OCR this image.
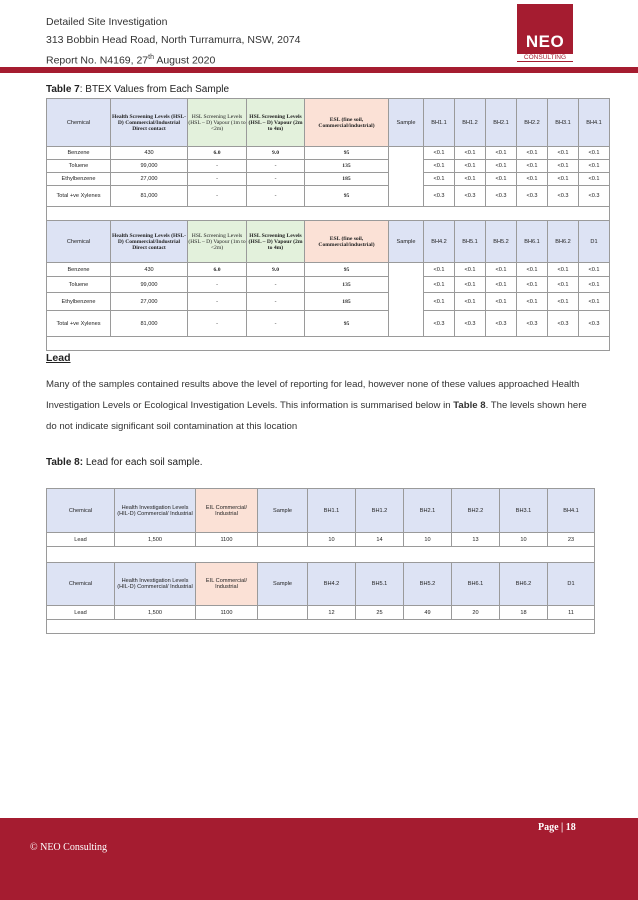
Detailed Site Investigation
313 Bobbin Head Road, North Turramurra, NSW, 2074
Report No. N4169, 27th August 2020
NEO
CONSULTING
Table 7: BTEX Values from Each Sample
Chemical	Health Screening Levels (HSL-D) Commercial/Industrial Direct contact	HSL Screening Levels (HSL – D) Vapour (1m to <2m)	HSL Screening Levels (HSL – D) Vapour (2m to 4m)	ESL (fine soil, Commercial/industrial)	Sample	BH1.1	BH1.2	BH2.1	BH2.2	BH3.1	BH4.1
Benzene	430	6.0	9.0	95		<0.1	<0.1	<0.1	<0.1	<0.1	<0.1
Toluene	99,000	-	-	135		<0.1	<0.1	<0.1	<0.1	<0.1	<0.1
Ethylbenzene	27,000	-	-	185		<0.1	<0.1	<0.1	<0.1	<0.1	<0.1
Total +ve Xylenes	81,000	-	-	95		<0.3	<0.3	<0.3	<0.3	<0.3	<0.3

Chemical	Health Screening Levels (HSL-D) Commercial/Industrial Direct contact	HSL Screening Levels (HSL – D) Vapour (1m to <2m)	HSL Screening Levels (HSL – D) Vapour (2m to 4m)	ESL (fine soil, Commercial/industrial)	Sample	BH4.2	BH5.1	BH5.2	BH6.1	BH6.2	D1
Benzene	430	6.0	9.0	95		<0.1	<0.1	<0.1	<0.1	<0.1	<0.1
Toluene	99,000	-	-	135		<0.1	<0.1	<0.1	<0.1	<0.1	<0.1
Ethylbenzene	27,000	-	-	185		<0.1	<0.1	<0.1	<0.1	<0.1	<0.1
Total +ve Xylenes	81,000	-	-	95		<0.3	<0.3	<0.3	<0.3	<0.3	<0.3

Lead
Many of the samples contained results above the level of reporting for lead, however none of these values approached Health Investigation Levels or Ecological Investigation Levels. This information is summarised below in Table 8. The levels shown here do not indicate significant soil contamination at this location
Table 8: Lead for each soil sample.
Chemical	Health Investigation Levels (HIL-D) Commercial/ Industrial	EIL Commercial/ Industrial	Sample	BH1.1	BH1.2	BH2.1	BH2.2	BH3.1	BH4.1
Lead	1,500	1100		10	14	10	13	10	23

Chemical	Health Investigation Levels (HIL-D) Commercial/ Industrial	EIL Commercial/ Industrial	Sample	BH4.2	BH5.1	BH5.2	BH6.1	BH6.2	D1
Lead	1,500	1100		12	25	49	20	18	11

Page | 18
© NEO Consulting
